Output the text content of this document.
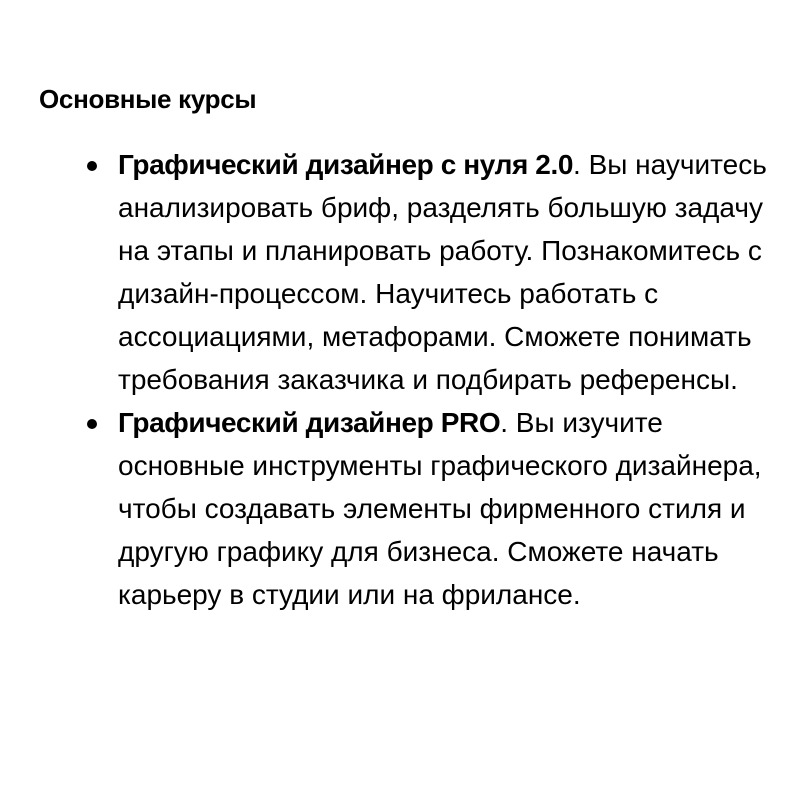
Основные курсы
Графический дизайнер с нуля 2.0. Вы научитесь анализировать бриф, разделять большую задачу на этапы и планировать работу. Познакомитесь с дизайн-процессом. Научитесь работать с ассоциациями, метафорами. Сможете понимать требования заказчика и подбирать референсы.
Графический дизайнер PRO. Вы изучите основные инструменты графического дизайнера, чтобы создавать элементы фирменного стиля и другую графику для бизнеса. Сможете начать карьеру в студии или на фрилансе.
